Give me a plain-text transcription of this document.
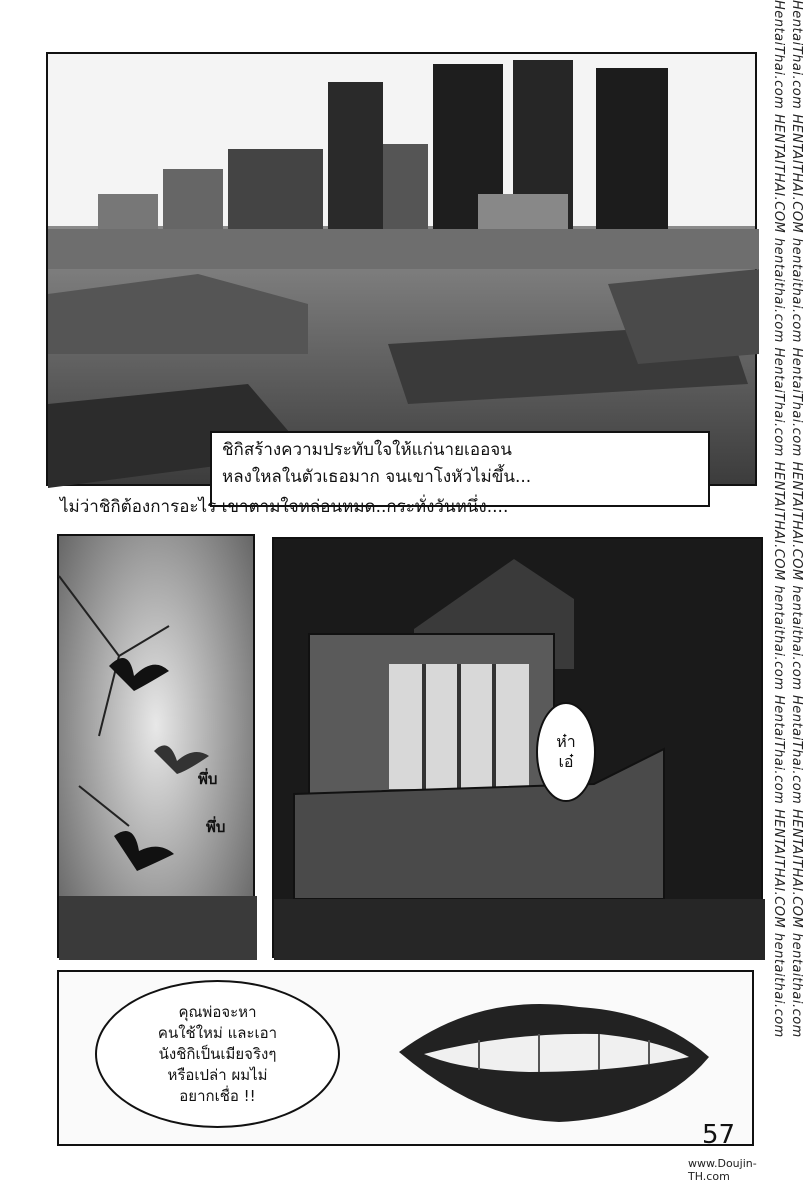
ชิกิสร้างความประทับใจให้แก่นายเออจน
หลงใหลในตัวเธอมาก จนเขาโงหัวไม่ขึ้น...
ไม่ว่าชิกิต้องการอะไร เขาตามใจหล่อนหมด..กระทั่งวันหนึ่ง....
พึ่บ
พึ่บ
ห๋า
เอ๋
คุณพ่อจะหา
คนใช้ใหม่ และเอา
นังชิกิเป็นเมียจริงๆ
หรือเปล่า ผมไม่
อยากเชื่อ !!
HentaiThai.com HENTAITHAI.COM hentaithai.com HentaiThai.com HENTAITHAI.COM hentaithai.com HentaiThai.com HENTAITHAI.COM hentaithai.com HentaiThai.com HENTAITHAI.COM hentaithai.com HentaiThai.com HENTAITHAI.COM hentaithai.com HentaiThai.com HENTAITHAI.COM hentaithai.com
57
www.Doujin-TH.com
